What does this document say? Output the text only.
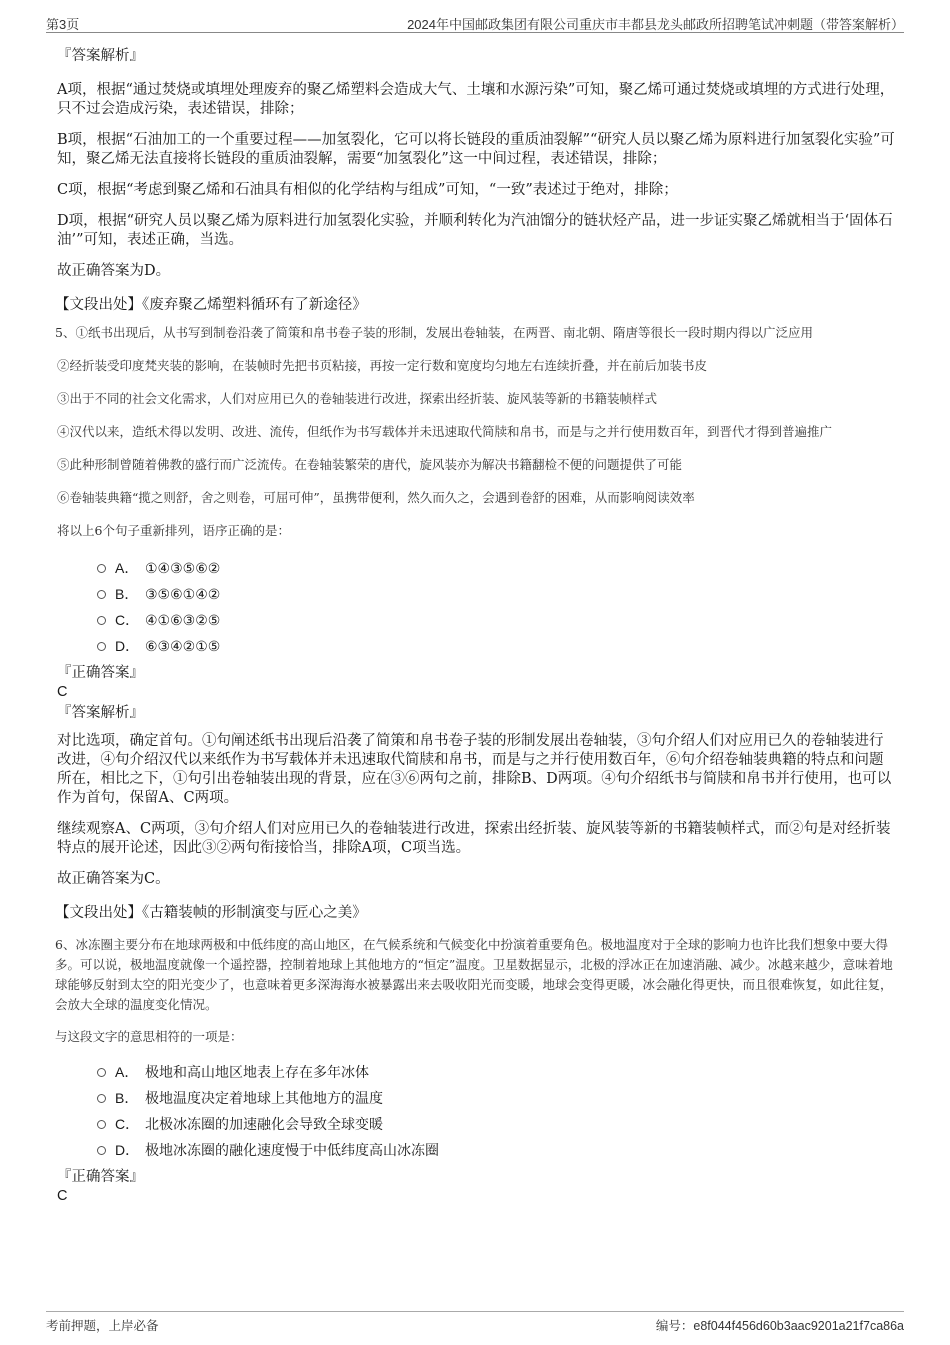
第3页	2024年中国邮政集团有限公司重庆市丰都县龙头邮政所招聘笔试冲刺题（带答案解析）

『答案解析』

A项，根据“通过焚烧或填埋处理废弃的聚乙烯塑料会造成大气、土壤和水源污染”可知，聚乙烯可通过焚烧或填埋的方式进行处理，只不过会造成污染，表述错误，排除；

B项，根据“石油加工的一个重要过程——加氢裂化，它可以将长链段的重质油裂解”“研究人员以聚乙烯为原料进行加氢裂化实验”可知，聚乙烯无法直接将长链段的重质油裂解，需要“加氢裂化”这一中间过程，表述错误，排除；

C项，根据“考虑到聚乙烯和石油具有相似的化学结构与组成”可知，“一致”表述过于绝对，排除；

D项，根据“研究人员以聚乙烯为原料进行加氢裂化实验，并顺利转化为汽油馏分的链状烃产品，进一步证实聚乙烯就相当于‘固体石油’”可知，表述正确，当选。

故正确答案为D。

【文段出处】《废弃聚乙烯塑料循环有了新途径》

5、①纸书出现后，从书写到制卷沿袭了简策和帛书卷子装的形制，发展出卷轴装，在两晋、南北朝、隋唐等很长一段时期内得以广泛应用

②经折装受印度梵夹装的影响，在装帧时先把书页粘接，再按一定行数和宽度均匀地左右连续折叠，并在前后加装书皮

③出于不同的社会文化需求，人们对应用已久的卷轴装进行改进，探索出经折装、旋风装等新的书籍装帧样式

④汉代以来，造纸术得以发明、改进、流传，但纸作为书写载体并未迅速取代简牍和帛书，而是与之并行使用数百年，到晋代才得到普遍推广

⑤此种形制曾随着佛教的盛行而广泛流传。在卷轴装繁荣的唐代，旋风装亦为解决书籍翻检不便的问题提供了可能

⑥卷轴装典籍“揽之则舒，舍之则卷，可屈可伸”，虽携带便利，然久而久之，会遇到卷舒的困难，从而影响阅读效率

将以上6个句子重新排列，语序正确的是：

A． ①④③⑤⑥②
B． ③⑤⑥①④②
C． ④①⑥③②⑤
D． ⑥③④②①⑤

『正确答案』

C

『答案解析』

对比选项，确定首句。①句阐述纸书出现后沿袭了简策和帛书卷子装的形制发展出卷轴装，③句介绍人们对应用已久的卷轴装进行改进，④句介绍汉代以来纸作为书写载体并未迅速取代简牍和帛书，而是与之并行使用数百年，⑥句介绍卷轴装典籍的特点和问题所在，相比之下，①句引出卷轴装出现的背景，应在③⑥两句之前，排除B、D两项。④句介绍纸书与简牍和帛书并行使用，也可以作为首句，保留A、C两项。

继续观察A、C两项，③句介绍人们对应用已久的卷轴装进行改进，探索出经折装、旋风装等新的书籍装帧样式，而②句是对经折装特点的展开论述，因此③②两句衔接恰当，排除A项，C项当选。

故正确答案为C。

【文段出处】《古籍装帧的形制演变与匠心之美》

6、冰冻圈主要分布在地球两极和中低纬度的高山地区，在气候系统和气候变化中扮演着重要角色。极地温度对于全球的影响力也许比我们想象中要大得多。可以说，极地温度就像一个遥控器，控制着地球上其他地方的“恒定”温度。卫星数据显示，北极的浮冰正在加速消融、减少。冰越来越少，意味着地球能够反射到太空的阳光变少了，也意味着更多深海海水被暴露出来去吸收阳光而变暖，地球会变得更暖，冰会融化得更快，而且很难恢复，如此往复，会放大全球的温度变化情况。

与这段文字的意思相符的一项是：

A． 极地和高山地区地表上存在多年冰体
B． 极地温度决定着地球上其他地方的温度
C． 北极冰冻圈的加速融化会导致全球变暖
D． 极地冰冻圈的融化速度慢于中低纬度高山冰冻圈

『正确答案』

C

考前押题，上岸必备	编号：e8f044f456d60b3aac9201a21f7ca86a
